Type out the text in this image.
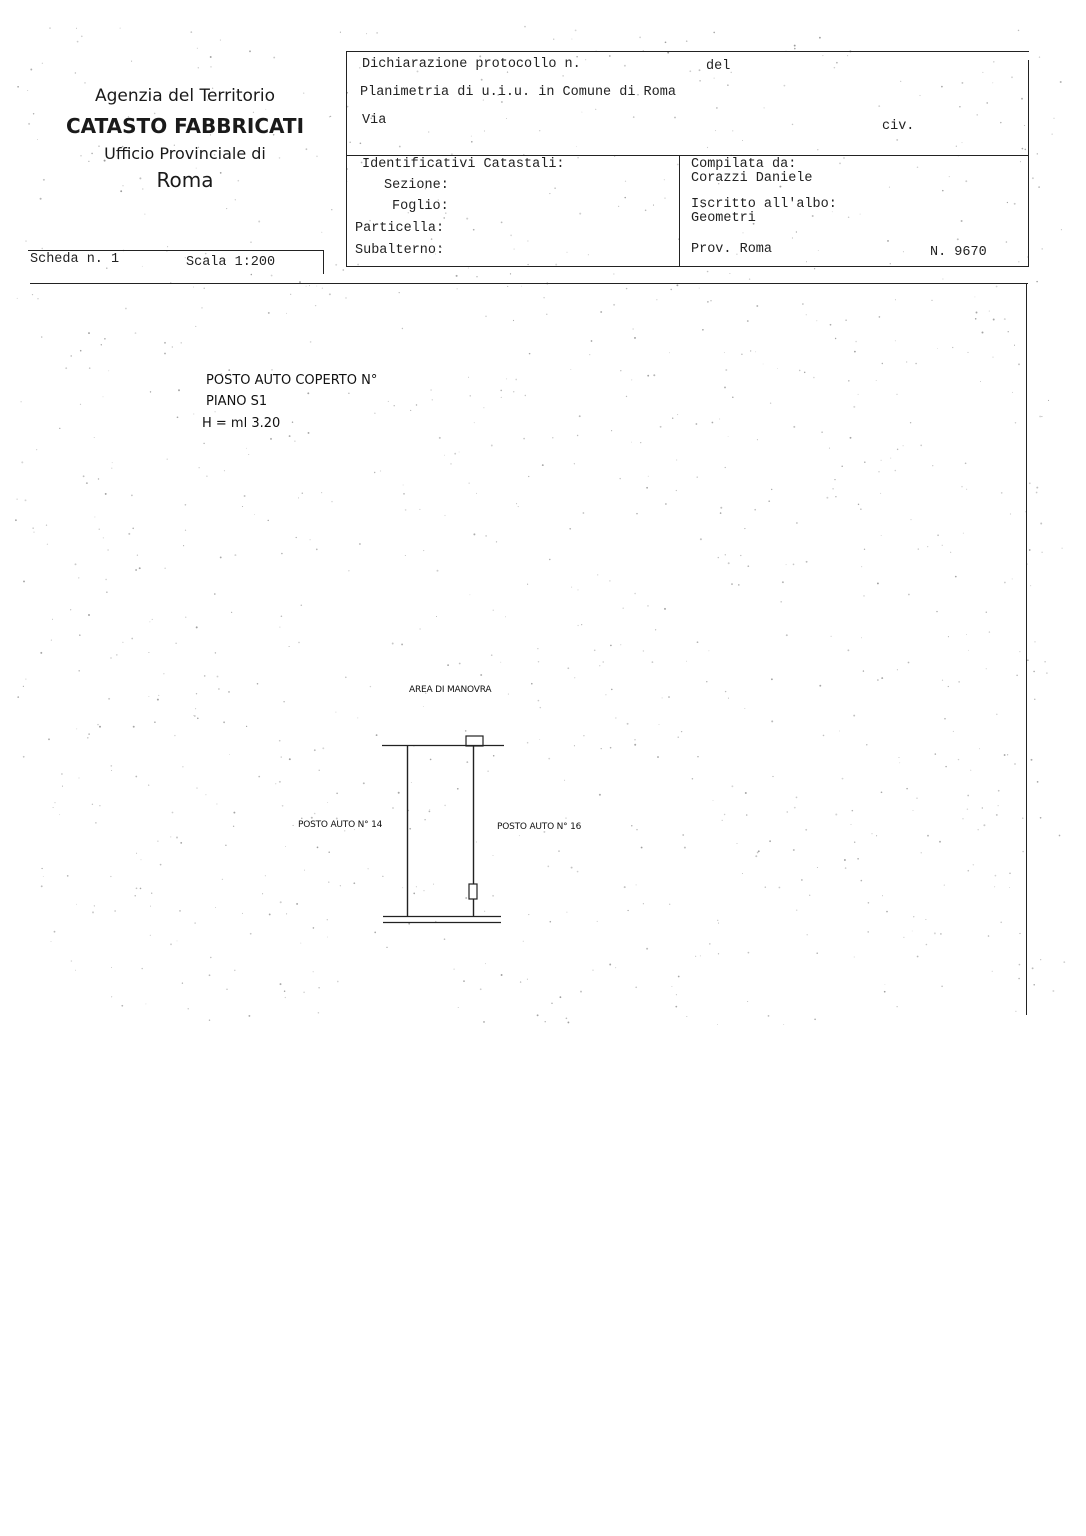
Agenzia del Territorio
CATASTO FABBRICATI
Ufficio Provinciale di
Roma
Scheda n. 1	Scala 1:200
Dichiarazione protocollo n.	del
Planimetria di u.i.u. in Comune di Roma
Via	civ.
Identificativi Catastali:
Sezione:
Foglio:
Particella:
Subalterno:
Compilata da:
Corazzi Daniele
Iscritto all'albo:
Geometri
Prov. Roma	N. 9670
POSTO AUTO COPERTO N°
PIANO S1
H = ml 3.20
AREA DI MANOVRA
POSTO AUTO N° 14	POSTO AUTO N° 16
